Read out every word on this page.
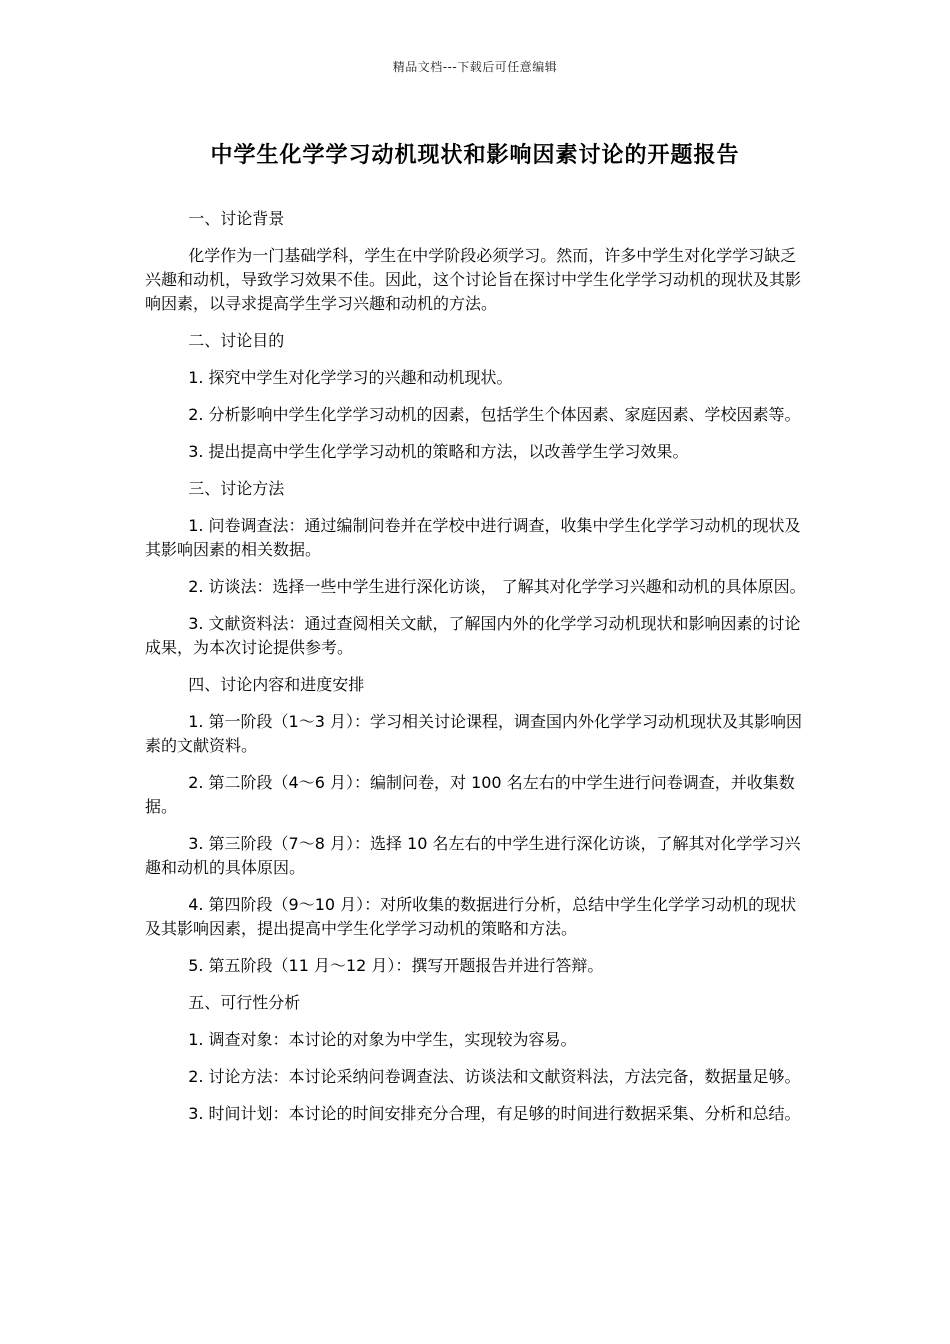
精品文档---下载后可任意编辑
中学生化学学习动机现状和影响因素讨论的开题报告

一、讨论背景

化学作为一门基础学科，学生在中学阶段必须学习。然而，许多中学生对化学学习缺乏兴趣和动机，导致学习效果不佳。因此，这个讨论旨在探讨中学生化学学习动机的现状及其影响因素，以寻求提高学生学习兴趣和动机的方法。

二、讨论目的

1. 探究中学生对化学学习的兴趣和动机现状。

2. 分析影响中学生化学学习动机的因素，包括学生个体因素、家庭因素、学校因素等。

3. 提出提高中学生化学学习动机的策略和方法，以改善学生学习效果。

三、讨论方法

1. 问卷调查法：通过编制问卷并在学校中进行调查，收集中学生化学学习动机的现状及其影响因素的相关数据。

2. 访谈法：选择一些中学生进行深化访谈， 了解其对化学学习兴趣和动机的具体原因。

3. 文献资料法：通过查阅相关文献，了解国内外的化学学习动机现状和影响因素的讨论成果，为本次讨论提供参考。

四、讨论内容和进度安排

1. 第一阶段（1～3 月）：学习相关讨论课程，调查国内外化学学习动机现状及其影响因素的文献资料。

2. 第二阶段（4～6 月）：编制问卷，对 100 名左右的中学生进行问卷调查，并收集数据。

3. 第三阶段（7～8 月）：选择 10 名左右的中学生进行深化访谈，了解其对化学学习兴趣和动机的具体原因。

4. 第四阶段（9～10 月）：对所收集的数据进行分析，总结中学生化学学习动机的现状及其影响因素，提出提高中学生化学学习动机的策略和方法。

5. 第五阶段（11 月～12 月）：撰写开题报告并进行答辩。

五、可行性分析

1. 调查对象：本讨论的对象为中学生，实现较为容易。

2. 讨论方法：本讨论采纳问卷调查法、访谈法和文献资料法，方法完备，数据量足够。

3. 时间计划：本讨论的时间安排充分合理，有足够的时间进行数据采集、分析和总结。
